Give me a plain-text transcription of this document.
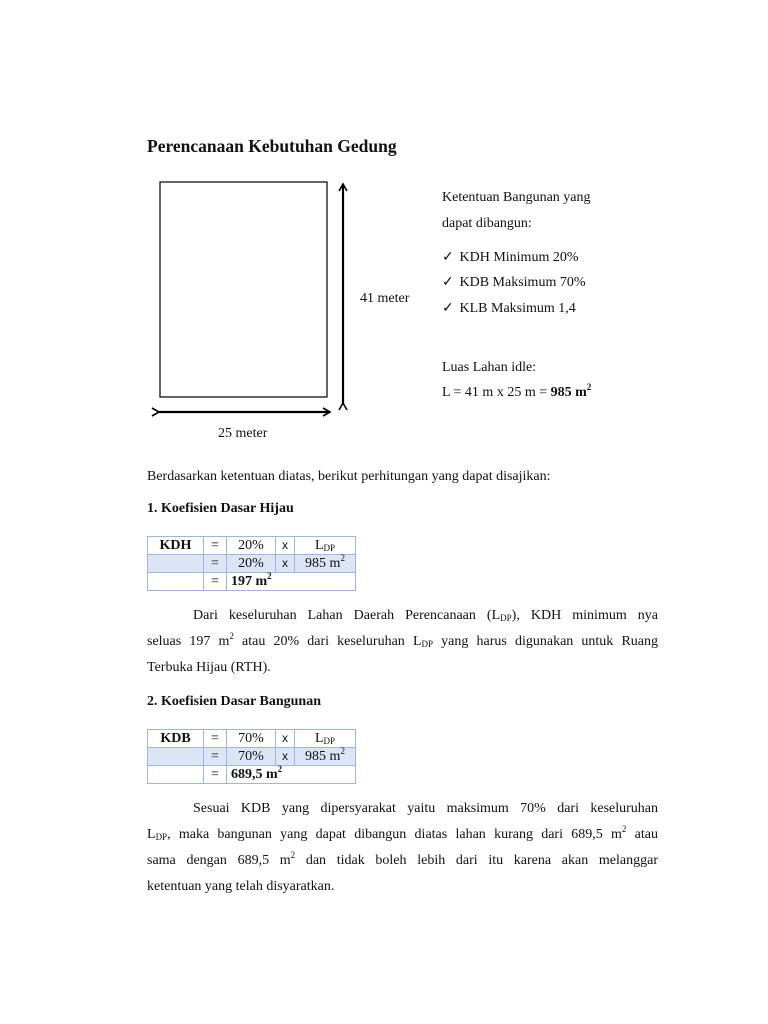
Perencanaan Kebutuhan Gedung
41 meter
25 meter
Ketentuan Bangunan yang
dapat dibangun:
✓ KDH Minimum 20%
✓ KDB Maksimum 70%
✓ KLB Maksimum 1,4
Luas Lahan idle:
L = 41 m x 25 m = 985 $m^2$
Berdasarkan ketentuan diatas, berikut perhitungan yang dapat disajikan:
1. Koefisien Dasar Hijau
KDH	=	20%	x	$L_{DP}$
	=	20%	x	985 $m^2$
	=	197 $m^2$
Dari keseluruhan Lahan Daerah Perencanaan $(L_{DP})$, KDH minimum nya
seluas 197 $m^2$ atau 20% dari keseluruhan $L_{DP}$ yang harus digunakan untuk Ruang
Terbuka Hijau (RTH).
2. Koefisien Dasar Bangunan
KDB	=	70%	x	$L_{DP}$
	=	70%	x	985 $m^2$
	=	689,5 $m^2$
Sesuai KDB yang dipersyarakat yaitu maksimum 70% dari keseluruhan
$L_{DP}$, maka bangunan yang dapat dibangun diatas lahan kurang dari 689,5 $m^2$ atau
sama dengan 689,5 $m^2$ dan tidak boleh lebih dari itu karena akan melanggar
ketentuan yang telah disyaratkan.
